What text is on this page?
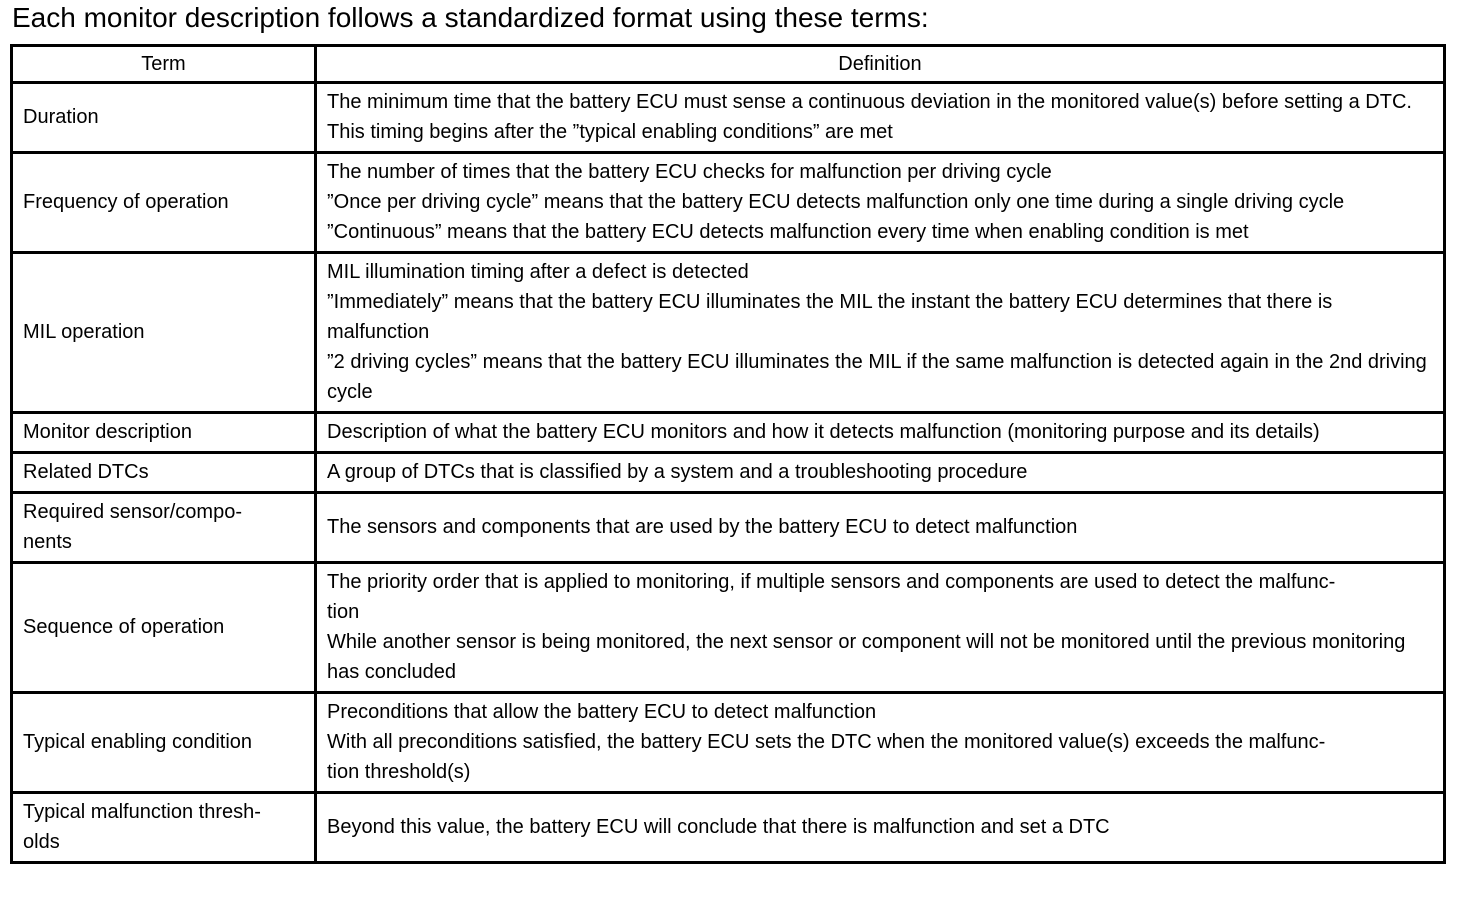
Each monitor description follows a standardized format using these terms:
Term	Definition
Duration	The minimum time that the battery ECU must sense a continuous deviation in the monitored value(s) before setting a DTC. This timing begins after the ”typical enabling conditions” are met

Frequency of operation	The number of times that the battery ECU checks for malfunction per driving cycle
”Once per driving cycle” means that the battery ECU detects malfunction only one time during a single driving cycle
”Continuous” means that the battery ECU detects malfunction every time when enabling condition is met

MIL operation	MIL illumination timing after a defect is detected
”Immediately” means that the battery ECU illuminates the MIL the instant the battery ECU determines that there is malfunction
”2 driving cycles” means that the battery ECU illuminates the MIL if the same malfunction is detected again in the 2nd driving cycle

Monitor description	Description of what the battery ECU monitors and how it detects malfunction (monitoring purpose and its details)

Related DTCs	A group of DTCs that is classified by a system and a troubleshooting procedure

Required sensor/compo-
nents	The sensors and components that are used by the battery ECU to detect malfunction

Sequence of operation	The priority order that is applied to monitoring, if multiple sensors and components are used to detect the malfunc-
tion
While another sensor is being monitored, the next sensor or component will not be monitored until the previous monitoring has concluded

Typical enabling condition	Preconditions that allow the battery ECU to detect malfunction
With all preconditions satisfied, the battery ECU sets the DTC when the monitored value(s) exceeds the malfunc-
tion threshold(s)

Typical malfunction thresh-
olds	Beyond this value, the battery ECU will conclude that there is malfunction and set a DTC
